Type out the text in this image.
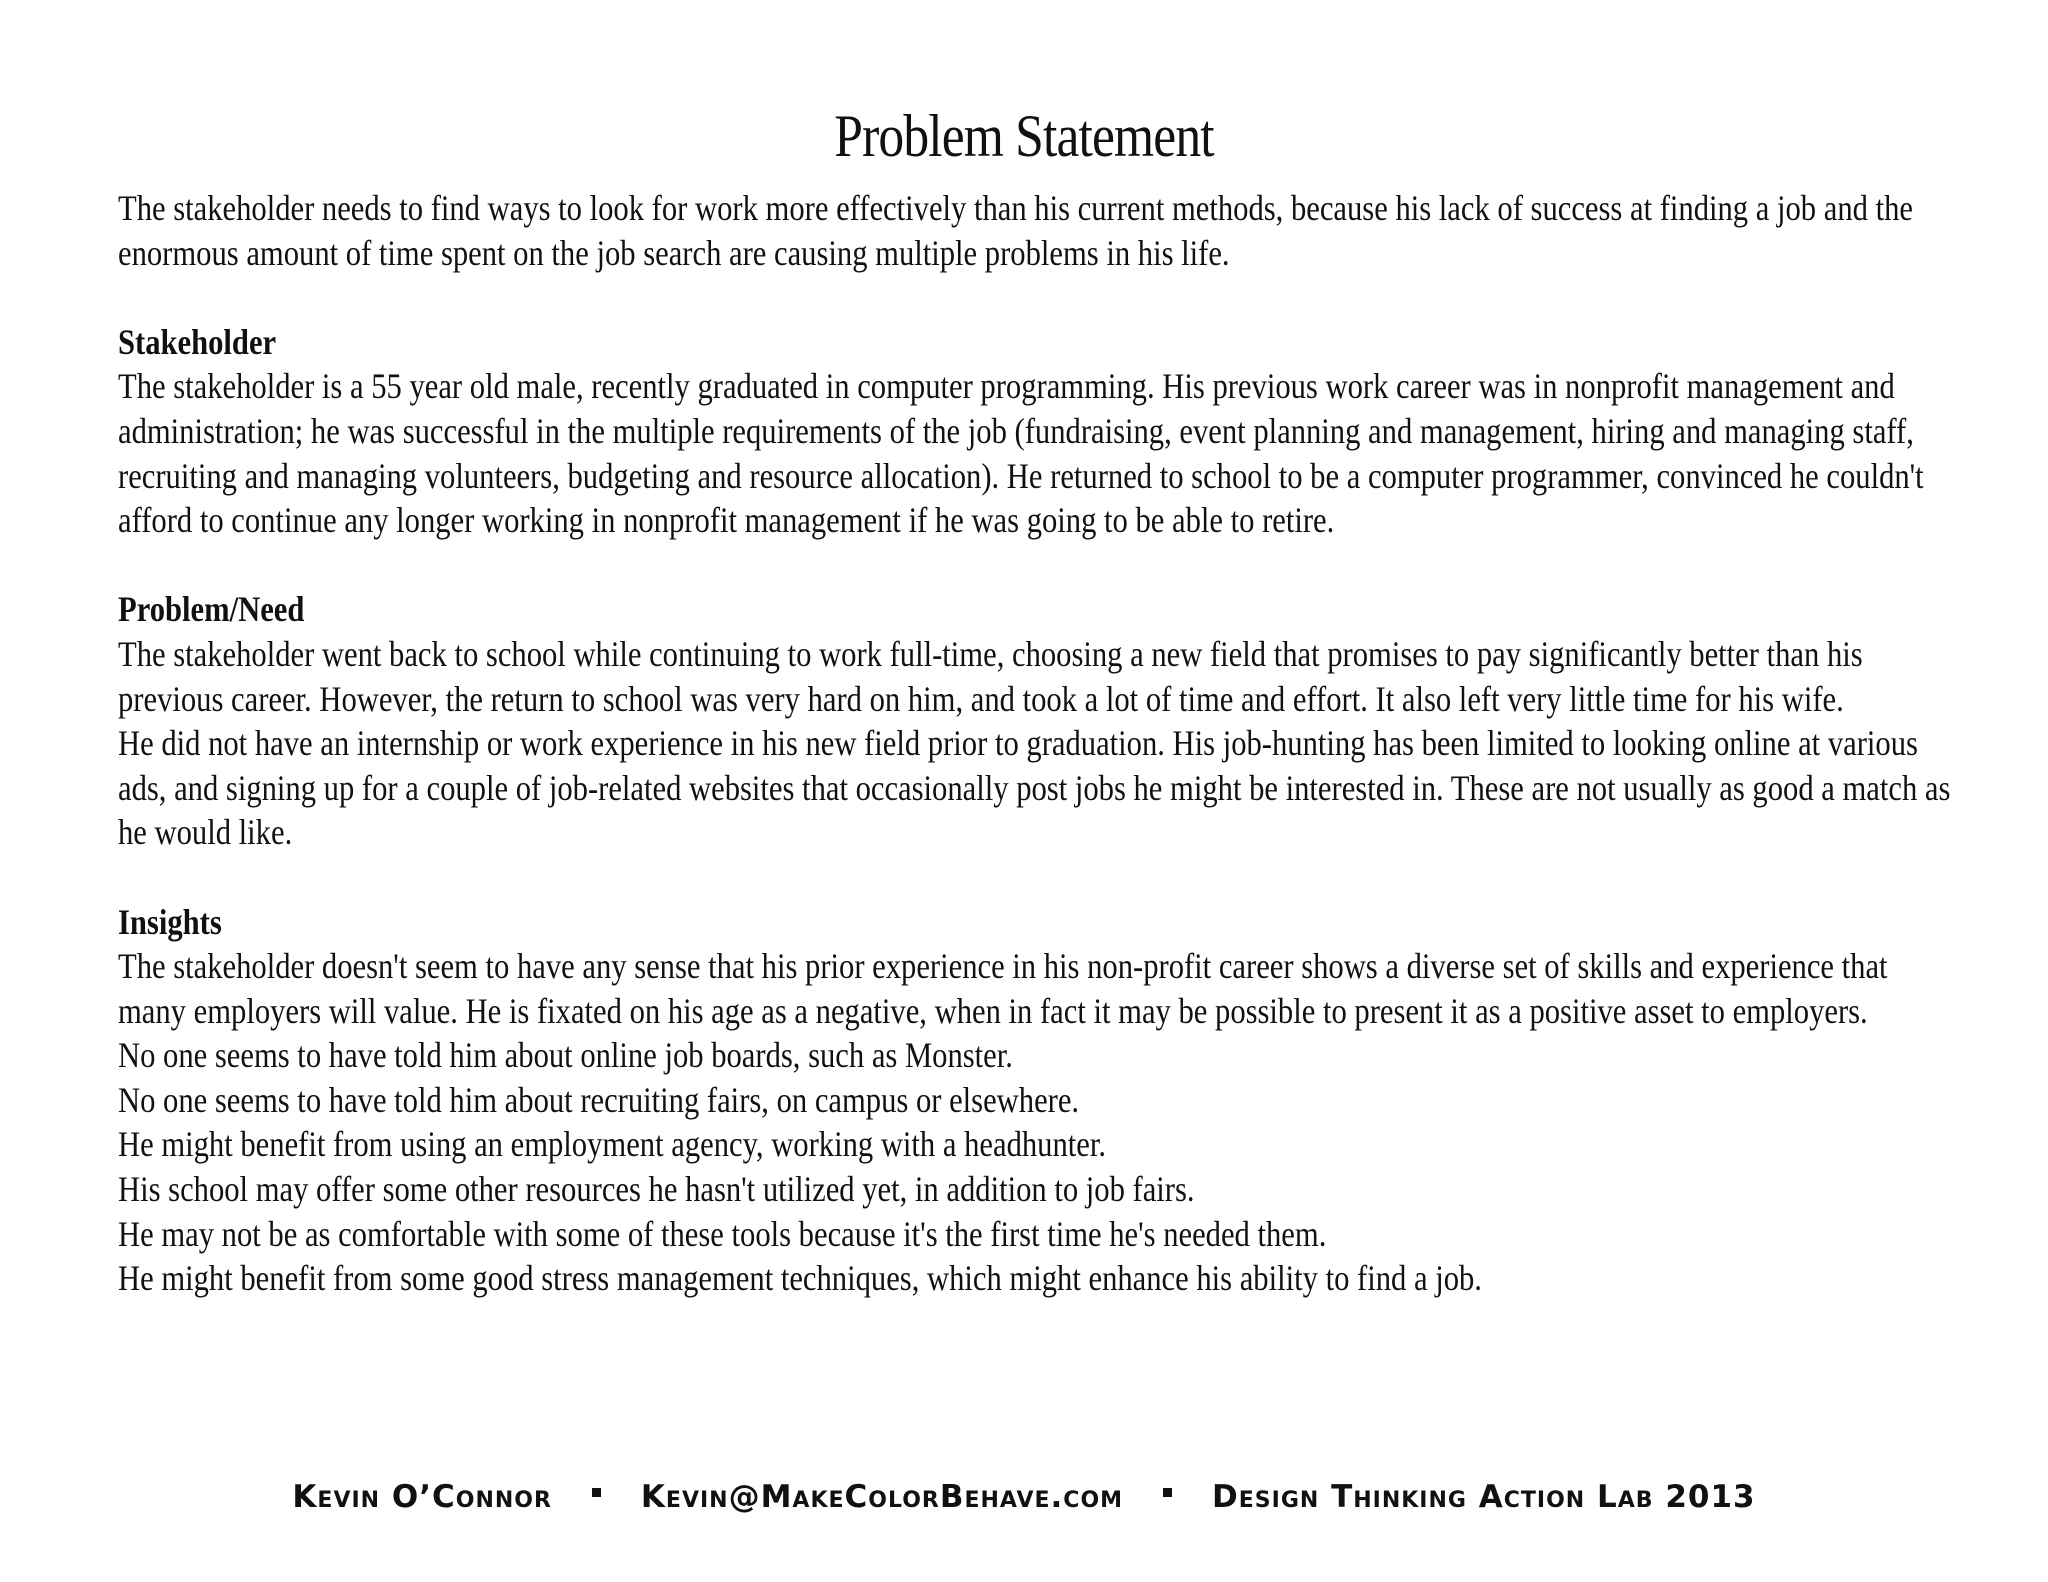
Problem Statement

The stakeholder needs to find ways to look for work more effectively than his current methods, because his lack of success at finding a job and the enormous amount of time spent on the job search are causing multiple problems in his life.

Stakeholder

The stakeholder is a 55 year old male, recently graduated in computer programming. His previous work career was in nonprofit management and administration; he was successful in the multiple requirements of the job (fundraising, event planning and management, hiring and managing staff, recruiting and managing volunteers, budgeting and resource allocation). He returned to school to be a computer programmer, convinced he couldn't afford to continue any longer working in nonprofit management if he was going to be able to retire.

Problem/Need

The stakeholder went back to school while continuing to work full-time, choosing a new field that promises to pay significantly better than his previous career. However, the return to school was very hard on him, and took a lot of time and effort. It also left very little time for his wife.

He did not have an internship or work experience in his new field prior to graduation. His job-hunting has been limited to looking online at various ads, and signing up for a couple of job-related websites that occasionally post jobs he might be interested in. These are not usually as good a match as he would like.

Insights

The stakeholder doesn't seem to have any sense that his prior experience in his non-profit career shows a diverse set of skills and experience that many employers will value. He is fixated on his age as a negative, when in fact it may be possible to present it as a positive asset to employers.

No one seems to have told him about online job boards, such as Monster.

No one seems to have told him about recruiting fairs, on campus or elsewhere.

He might benefit from using an employment agency, working with a headhunter.

His school may offer some other resources he hasn't utilized yet, in addition to job fairs.

He may not be as comfortable with some of these tools because it's the first time he's needed them.

He might benefit from some good stress management techniques, which might enhance his ability to find a job.

Kevin O’Connor	Kevin@MakeColorBehave.com	Design Thinking Action Lab 2013
